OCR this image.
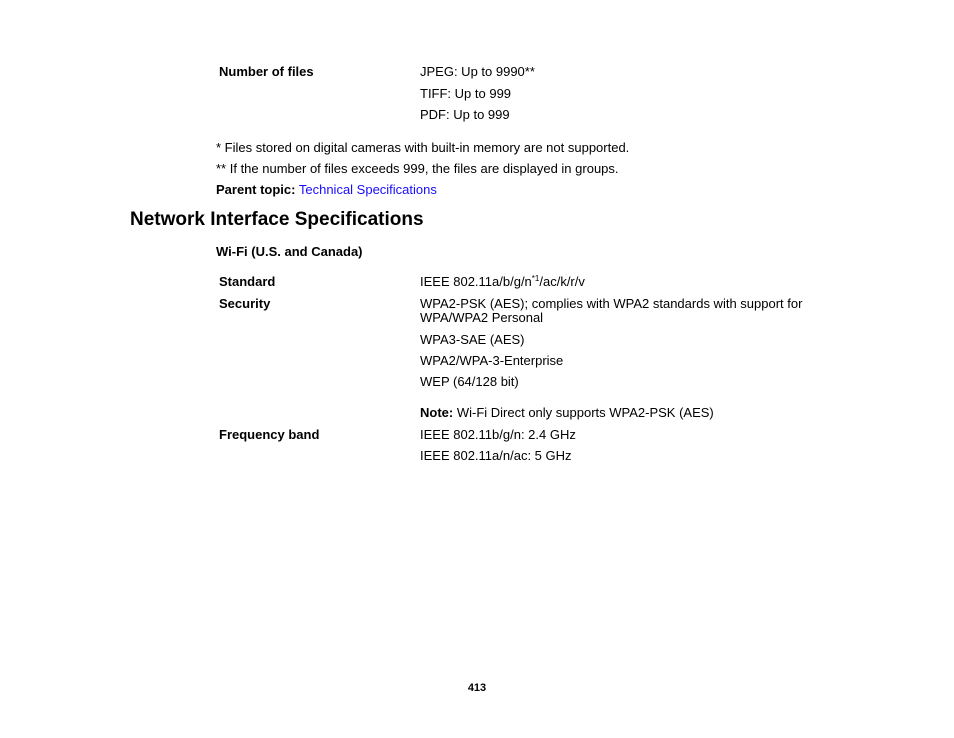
Number of files	JPEG: Up to 9990**
TIFF: Up to 999
PDF: Up to 999
* Files stored on digital cameras with built-in memory are not supported.
** If the number of files exceeds 999, the files are displayed in groups.
Parent topic: Technical Specifications
Network Interface Specifications
Wi-Fi (U.S. and Canada)
Standard	IEEE $802.11a/b/g/n^{*1}/ac/k/r/v$
Security	WPA2-PSK (AES); complies with WPA2 standards with support for
WPA/WPA2 Personal
WPA3-SAE (AES)
WPA2/WPA-3-Enterprise
WEP (64/128 bit)
Note: Wi-Fi Direct only supports WPA2-PSK (AES)
Frequency band	IEEE 802.11b/g/n: 2.4 GHz
IEEE 802.11a/n/ac: 5 GHz
413
